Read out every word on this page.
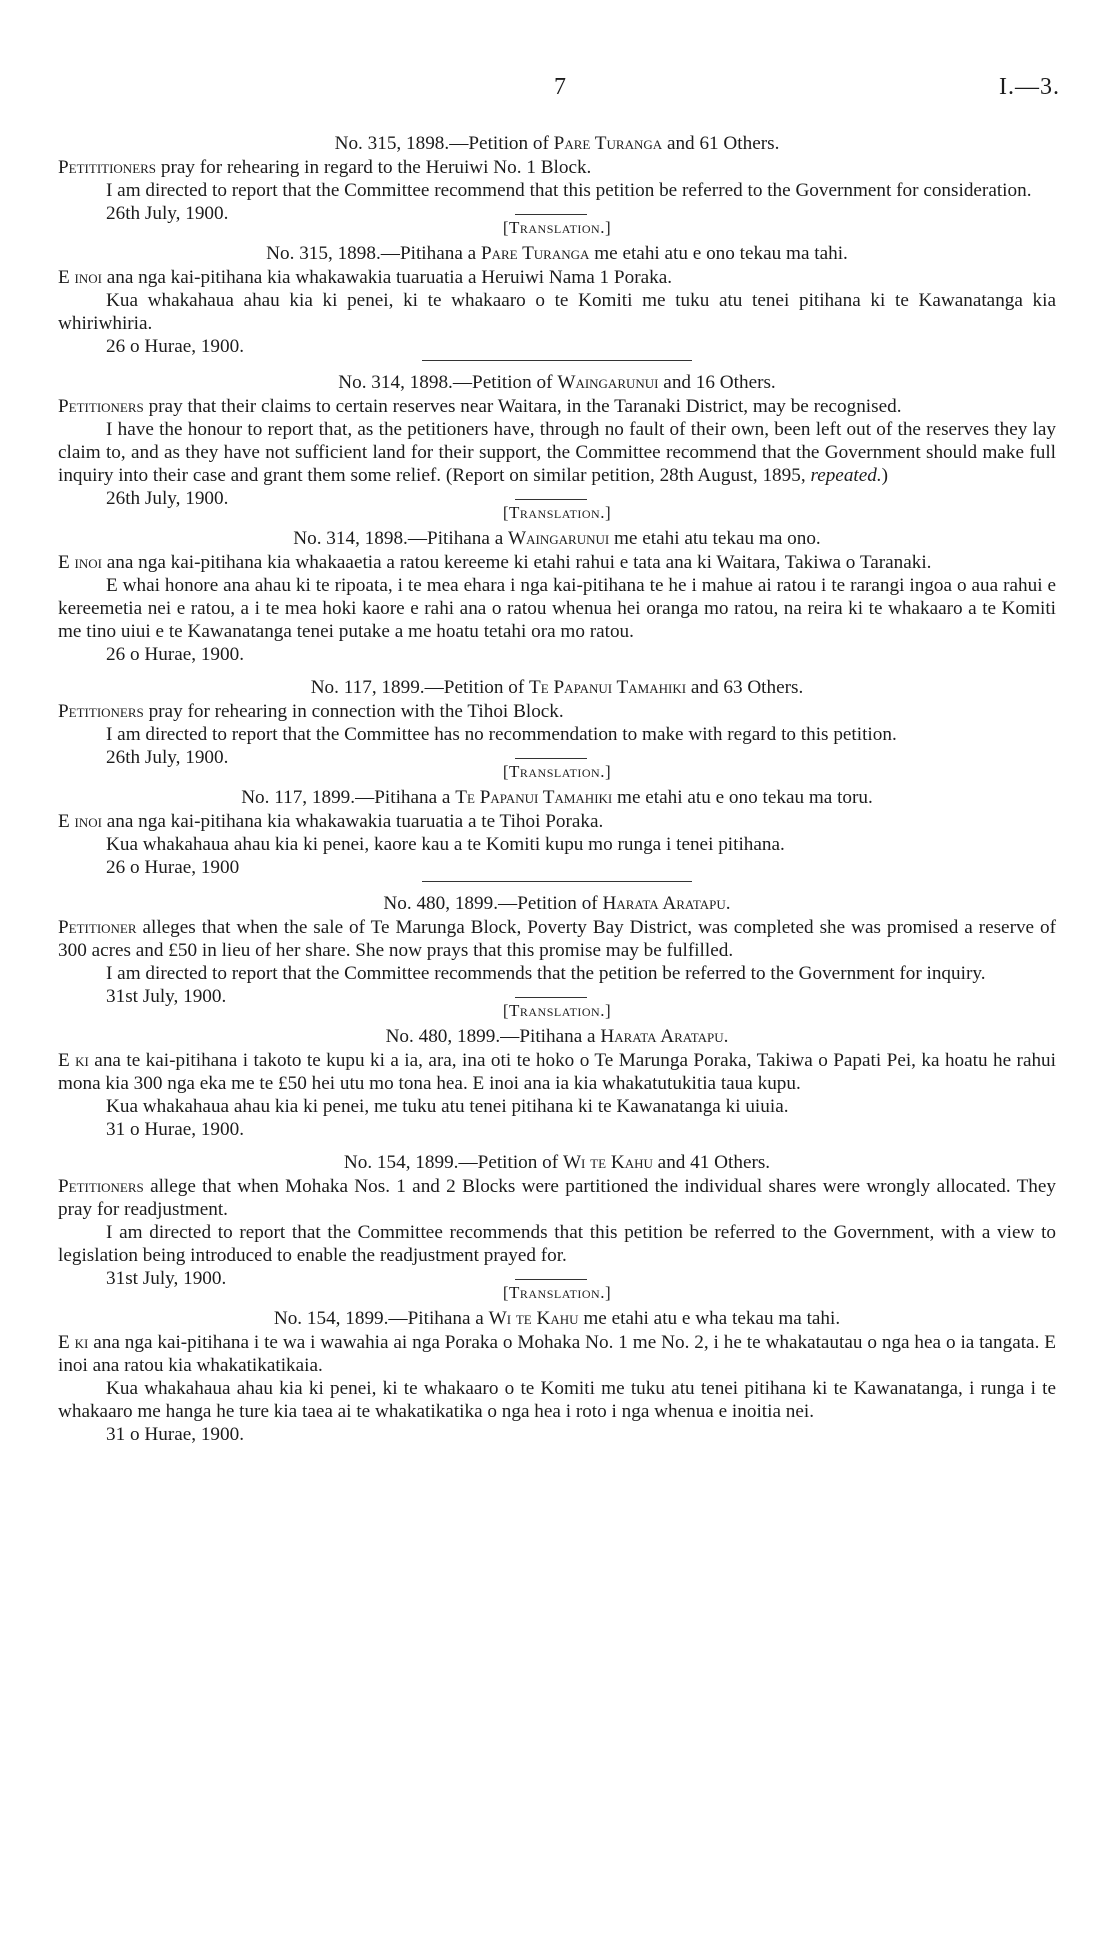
7	I.—3.

No. 315, 1898.—Petition of Pare Turanga and 61 Others.

Petititioners pray for rehearing in regard to the Heruiwi No. 1 Block.

I am directed to report that the Committee recommend that this petition be referred to the Government for consideration.

26th July, 1900.

[Translation.]

No. 315, 1898.—Pitihana a Pare Turanga me etahi atu e ono tekau ma tahi.

E inoi ana nga kai-pitihana kia whakawakia tuaruatia a Heruiwi Nama 1 Poraka.

Kua whakahaua ahau kia ki penei, ki te whakaaro o te Komiti me tuku atu tenei pitihana ki te Kawanatanga kia whiriwhiria.

26 o Hurae, 1900.

No. 314, 1898.—Petition of Waingarunui and 16 Others.

Petitioners pray that their claims to certain reserves near Waitara, in the Taranaki District, may be recognised.

I have the honour to report that, as the petitioners have, through no fault of their own, been left out of the reserves they lay claim to, and as they have not sufficient land for their support, the Committee recommend that the Government should make full inquiry into their case and grant them some relief. (Report on similar petition, 28th August, 1895, repeated.)

26th July, 1900.

[Translation.]

No. 314, 1898.—Pitihana a Waingarunui me etahi atu tekau ma ono.

E inoi ana nga kai-pitihana kia whakaaetia a ratou kereeme ki etahi rahui e tata ana ki Waitara, Takiwa o Taranaki.

E whai honore ana ahau ki te ripoata, i te mea ehara i nga kai-pitihana te he i mahue ai ratou i te rarangi ingoa o aua rahui e kereemetia nei e ratou, a i te mea hoki kaore e rahi ana o ratou whenua hei oranga mo ratou, na reira ki te whakaaro a te Komiti me tino uiui e te Kawanatanga tenei putake a me hoatu tetahi ora mo ratou.

26 o Hurae, 1900.

No. 117, 1899.—Petition of Te Papanui Tamahiki and 63 Others.

Petitioners pray for rehearing in connection with the Tihoi Block.

I am directed to report that the Committee has no recommendation to make with regard to this petition.

26th July, 1900.

[Translation.]

No. 117, 1899.—Pitihana a Te Papanui Tamahiki me etahi atu e ono tekau ma toru.

E inoi ana nga kai-pitihana kia whakawakia tuaruatia a te Tihoi Poraka.

Kua whakahaua ahau kia ki penei, kaore kau a te Komiti kupu mo runga i tenei pitihana.

26 o Hurae, 1900

No. 480, 1899.—Petition of Harata Aratapu.

Petitioner alleges that when the sale of Te Marunga Block, Poverty Bay District, was completed she was promised a reserve of 300 acres and £50 in lieu of her share. She now prays that this promise may be fulfilled.

I am directed to report that the Committee recommends that the petition be referred to the Government for inquiry.

31st July, 1900.

[Translation.]

No. 480, 1899.—Pitihana a Harata Aratapu.

E ki ana te kai-pitihana i takoto te kupu ki a ia, ara, ina oti te hoko o Te Marunga Poraka, Takiwa o Papati Pei, ka hoatu he rahui mona kia 300 nga eka me te £50 hei utu mo tona hea. E inoi ana ia kia whakatutukitia taua kupu.

Kua whakahaua ahau kia ki penei, me tuku atu tenei pitihana ki te Kawanatanga ki uiuia.

31 o Hurae, 1900.

No. 154, 1899.—Petition of Wi te Kahu and 41 Others.

Petitioners allege that when Mohaka Nos. 1 and 2 Blocks were partitioned the individual shares were wrongly allocated. They pray for readjustment.

I am directed to report that the Committee recommends that this petition be referred to the Government, with a view to legislation being introduced to enable the readjustment prayed for.

31st July, 1900.

[Translation.]

No. 154, 1899.—Pitihana a Wi te Kahu me etahi atu e wha tekau ma tahi.

E ki ana nga kai-pitihana i te wa i wawahia ai nga Poraka o Mohaka No. 1 me No. 2, i he te whakatautau o nga hea o ia tangata. E inoi ana ratou kia whakatikatikaia.

Kua whakahaua ahau kia ki penei, ki te whakaaro o te Komiti me tuku atu tenei pitihana ki te Kawanatanga, i runga i te whakaaro me hanga he ture kia taea ai te whakatikatika o nga hea i roto i nga whenua e inoitia nei.

31 o Hurae, 1900.
